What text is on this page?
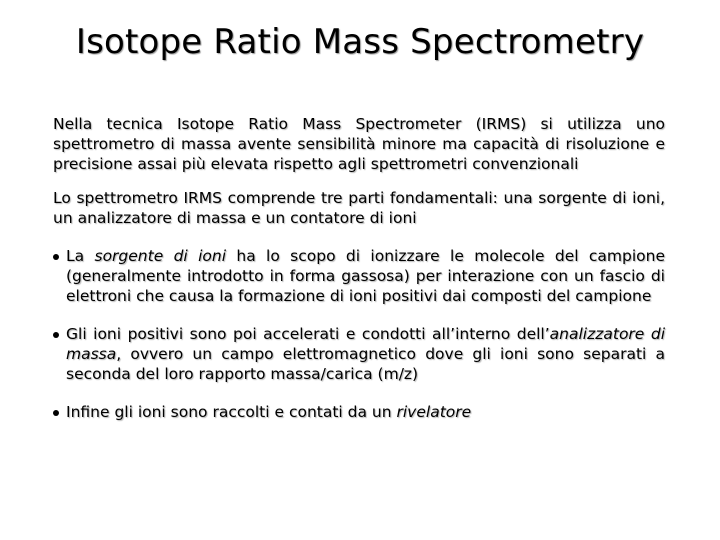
Isotope Ratio Mass Spectrometry

Nella tecnica Isotope Ratio Mass Spectrometer (IRMS) si utilizza uno spettrometro di massa avente sensibilità minore ma capacità di risoluzione e precisione assai più elevata rispetto agli spettrometri convenzionali

Lo spettrometro IRMS comprende tre parti fondamentali: una sorgente di ioni, un analizzatore di massa e un contatore di ioni

La sorgente di ioni ha lo scopo di ionizzare le molecole del campione (generalmente introdotto in forma gassosa) per interazione con un fascio di elettroni che causa la formazione di ioni positivi dai composti del campione
Gli ioni positivi sono poi accelerati e condotti all’interno dell’analizzatore di massa, ovvero un campo elettromagnetico dove gli ioni sono separati a seconda del loro rapporto massa/carica (m/z)
Infine gli ioni sono raccolti e contati da un rivelatore
